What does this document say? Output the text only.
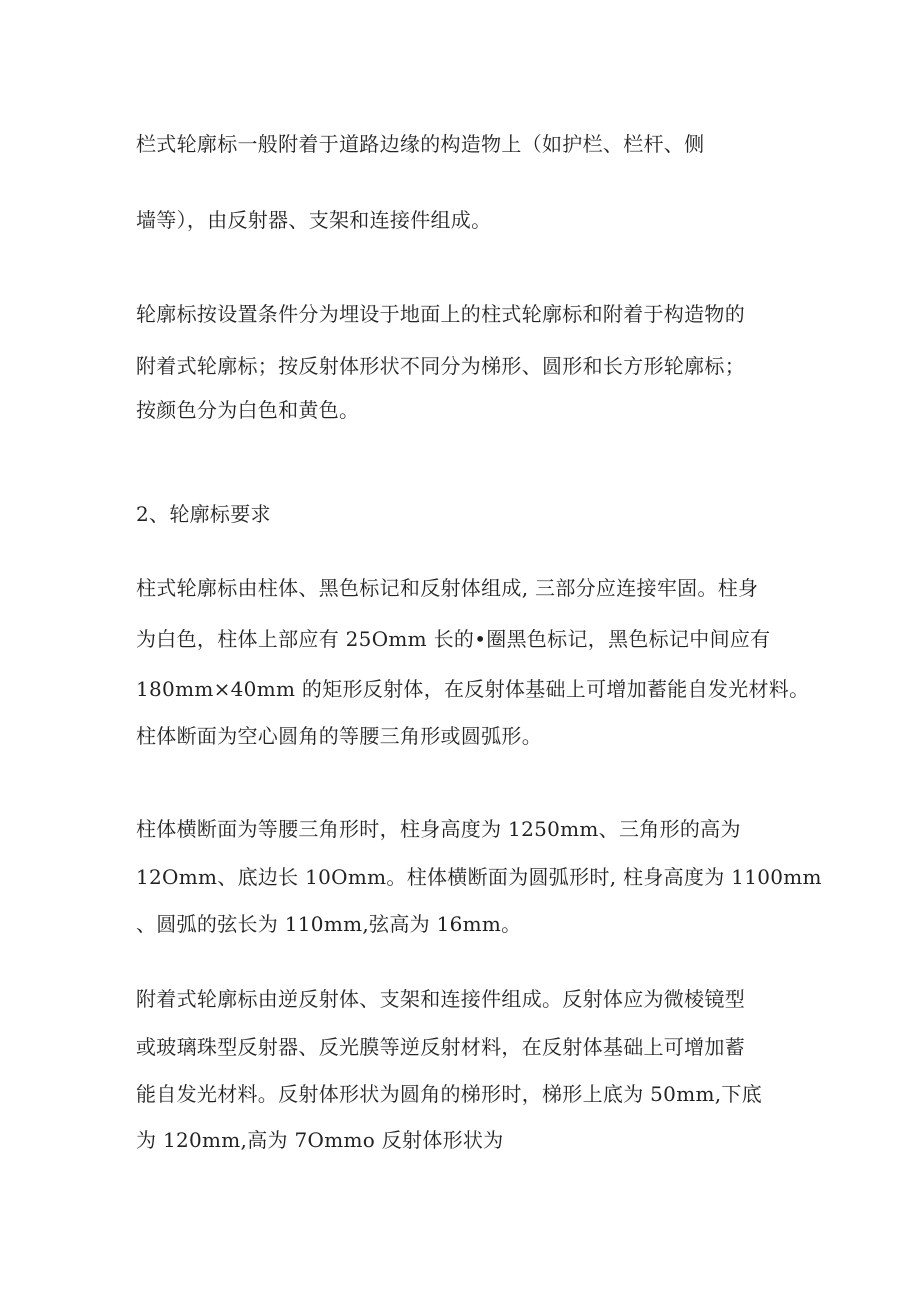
栏式轮廓标一般附着于道路边缘的构造物上（如护栏、栏杆、侧
墙等），由反射器、支架和连接件组成。
轮廓标按设置条件分为埋设于地面上的柱式轮廓标和附着于构造物的
附着式轮廓标；按反射体形状不同分为梯形、圆形和长方形轮廓标；
按颜色分为白色和黄色。
2、轮廓标要求
柱式轮廓标由柱体、黑色标记和反射体组成, 三部分应连接牢固。柱身
为白色，柱体上部应有 25Omm 长的•圈黑色标记，黑色标记中间应有
180mm×40mm 的矩形反射体，在反射体基础上可增加蓄能自发光材料。
柱体断面为空心圆角的等腰三角形或圆弧形。
柱体横断面为等腰三角形时，柱身高度为 1250mm、三角形的高为
12Omm、底边长 10Omm。柱体横断面为圆弧形时, 柱身高度为 1100mm
、圆弧的弦长为 110mm,弦高为 16mm。
附着式轮廓标由逆反射体、支架和连接件组成。反射体应为微棱镜型
或玻璃珠型反射器、反光膜等逆反射材料，在反射体基础上可增加蓄
能自发光材料。反射体形状为圆角的梯形时，梯形上底为 50mm,下底
为 120mm,高为 7Ommo 反射体形状为
